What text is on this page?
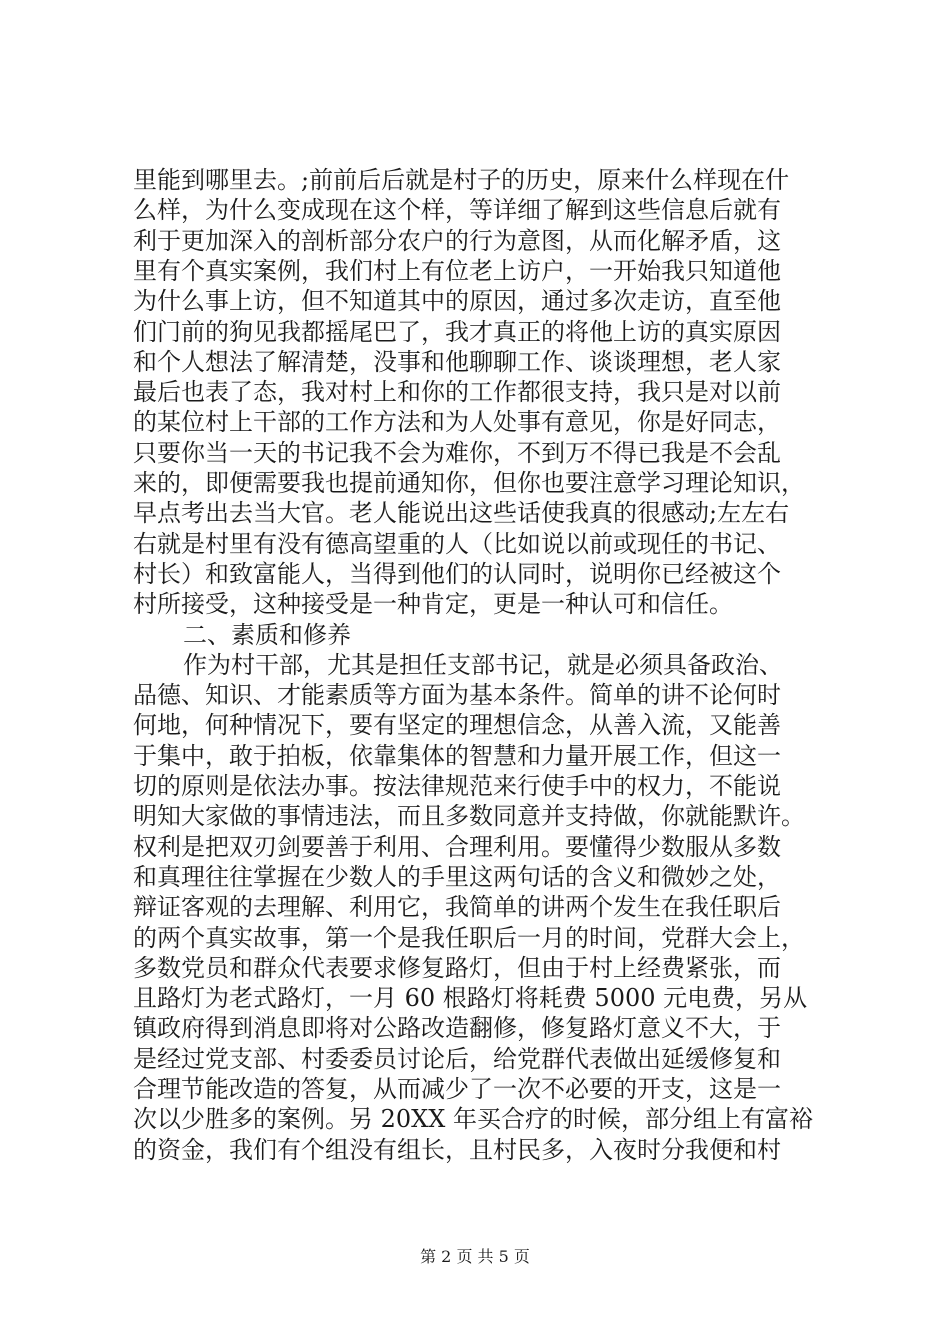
里能到哪里去。;前前后后就是村子的历史，原来什么样现在什
么样，为什么变成现在这个样，等详细了解到这些信息后就有
利于更加深入的剖析部分农户的行为意图，从而化解矛盾，这
里有个真实案例，我们村上有位老上访户，一开始我只知道他
为什么事上访，但不知道其中的原因，通过多次走访，直至他
们门前的狗见我都摇尾巴了，我才真正的将他上访的真实原因
和个人想法了解清楚，没事和他聊聊工作、谈谈理想，老人家
最后也表了态，我对村上和你的工作都很支持，我只是对以前
的某位村上干部的工作方法和为人处事有意见，你是好同志，
只要你当一天的书记我不会为难你，不到万不得已我是不会乱
来的，即便需要我也提前通知你，但你也要注意学习理论知识，
早点考出去当大官。老人能说出这些话使我真的很感动;左左右
右就是村里有没有德高望重的人（比如说以前或现任的书记、
村长）和致富能人，当得到他们的认同时，说明你已经被这个
村所接受，这种接受是一种肯定，更是一种认可和信任。
二、素质和修养
作为村干部，尤其是担任支部书记，就是必须具备政治、
品德、知识、才能素质等方面为基本条件。简单的讲不论何时
何地，何种情况下，要有坚定的理想信念，从善入流，又能善
于集中，敢于拍板，依靠集体的智慧和力量开展工作，但这一
切的原则是依法办事。按法律规范来行使手中的权力，不能说
明知大家做的事情违法，而且多数同意并支持做，你就能默许。
权利是把双刃剑要善于利用、合理利用。要懂得少数服从多数
和真理往往掌握在少数人的手里这两句话的含义和微妙之处，
辩证客观的去理解、利用它，我简单的讲两个发生在我任职后
的两个真实故事，第一个是我任职后一月的时间，党群大会上，
多数党员和群众代表要求修复路灯，但由于村上经费紧张，而
且路灯为老式路灯，一月 60 根路灯将耗费 5000 元电费，另从
镇政府得到消息即将对公路改造翻修，修复路灯意义不大，于
是经过党支部、村委委员讨论后，给党群代表做出延缓修复和
合理节能改造的答复，从而减少了一次不必要的开支，这是一
次以少胜多的案例。另 20XX 年买合疗的时候，部分组上有富裕
的资金，我们有个组没有组长，且村民多，入夜时分我便和村
第 2 页 共 5 页
